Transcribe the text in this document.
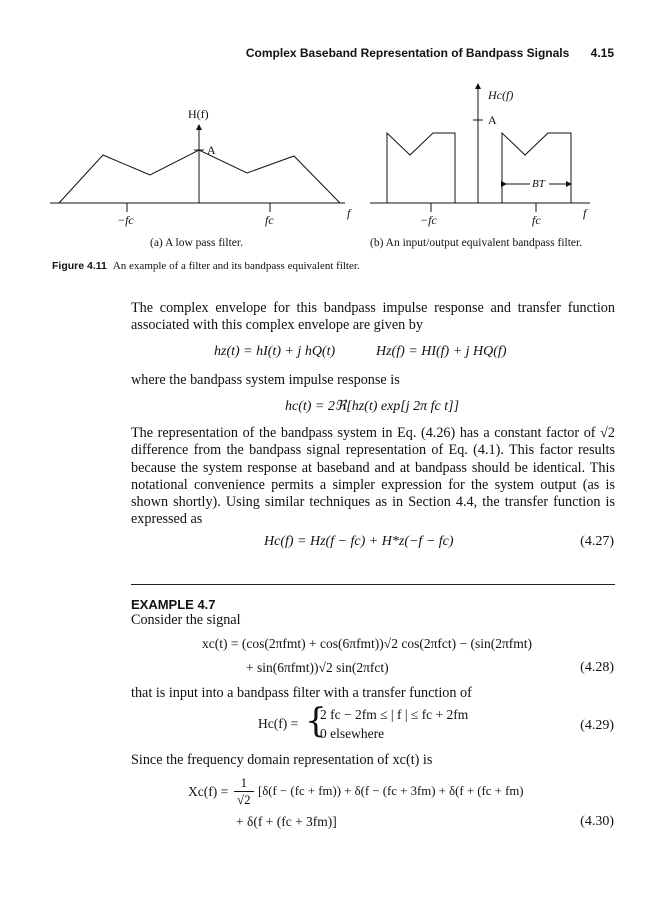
Complex Baseband Representation of Bandpass Signals 4.15
H(f)
A
−fc	fc	f
(a) A low pass filter.
Hc(f)
A
BT
−fc	fc	f
(b) An input/output equivalent bandpass filter.
Figure 4.11 An example of a filter and its bandpass equivalent filter.
The complex envelope for this bandpass impulse response and transfer function associated with this complex envelope are given by
hz(t) = hI(t) + j hQ(t)	Hz(f) = HI(f) + j HQ(f)
where the bandpass system impulse response is
hc(t) = 2ℜ[hz(t) exp[j 2π fc t]]
The representation of the bandpass system in Eq. (4.26) has a constant factor of √2 difference from the bandpass signal representation of Eq. (4.1). This factor results because the system response at baseband and at bandpass should be identical. This notational convenience permits a simpler expression for the system output (as is shown shortly). Using similar techniques as in Section 4.4, the transfer function is expressed as
Hc(f) = Hz(f − fc) + H*z(−f − fc)	(4.27)
EXAMPLE 4.7
Consider the signal
xc(t) = (cos(2πfmt) + cos(6πfmt))√2 cos(2πfct) − (sin(2πfmt)
+ sin(6πfmt))√2 sin(2πfct)	(4.28)
that is input into a bandpass filter with a transfer function of
Hc(f) = {
2 fc − 2fm ≤ | f | ≤ fc + 2fm
0 elsewhere
(4.29)
Since the frequency domain representation of xc(t) is
$Xc(f) = \frac{1}{√2} [\delta(f - (fc + fm)) + \delta(f - (fc + 3fm) + \delta(f + (fc + fm)$
+ δ(f + (fc + 3fm)]	(4.30)
